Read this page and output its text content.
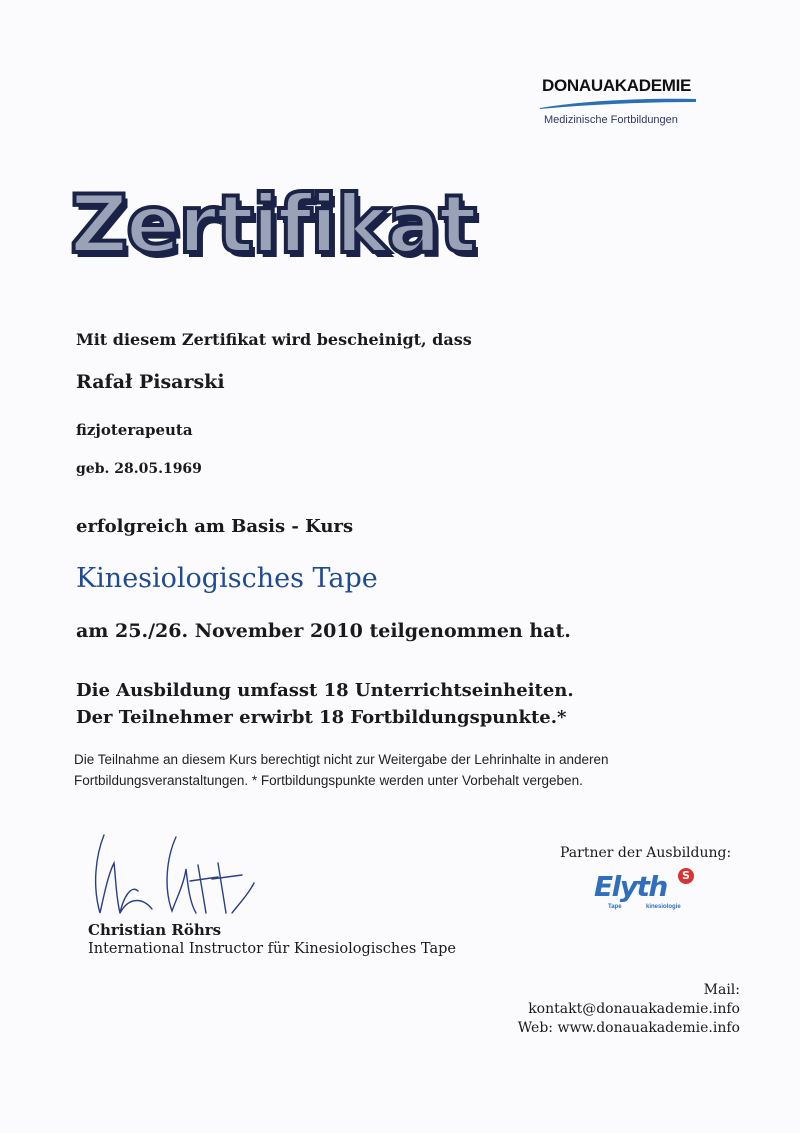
DONAUAKADEMIE
Medizinische Fortbildungen
Zertifikat
Mit diesem Zertifikat wird bescheinigt, dass
Rafał Pisarski
fizjoterapeuta
geb. 28.05.1969
erfolgreich am Basis - Kurs
Kinesiologisches Tape
am 25./26. November 2010 teilgenommen hat.
Die Ausbildung umfasst 18 Unterrichtseinheiten.
Der Teilnehmer erwirbt 18 Fortbildungspunkte.*
Die Teilnahme an diesem Kurs berechtigt nicht zur Weitergabe der Lehrinhalte in anderen Fortbildungsveranstaltungen. * Fortbildungspunkte werden unter Vorbehalt vergeben.
Christian Röhrs
International Instructor für Kinesiologisches Tape
Partner der Ausbildung:
Elyth	S
Tape	kinesiologie
Mail: kontakt@donauakademie.info
Web: www.donauakademie.info
